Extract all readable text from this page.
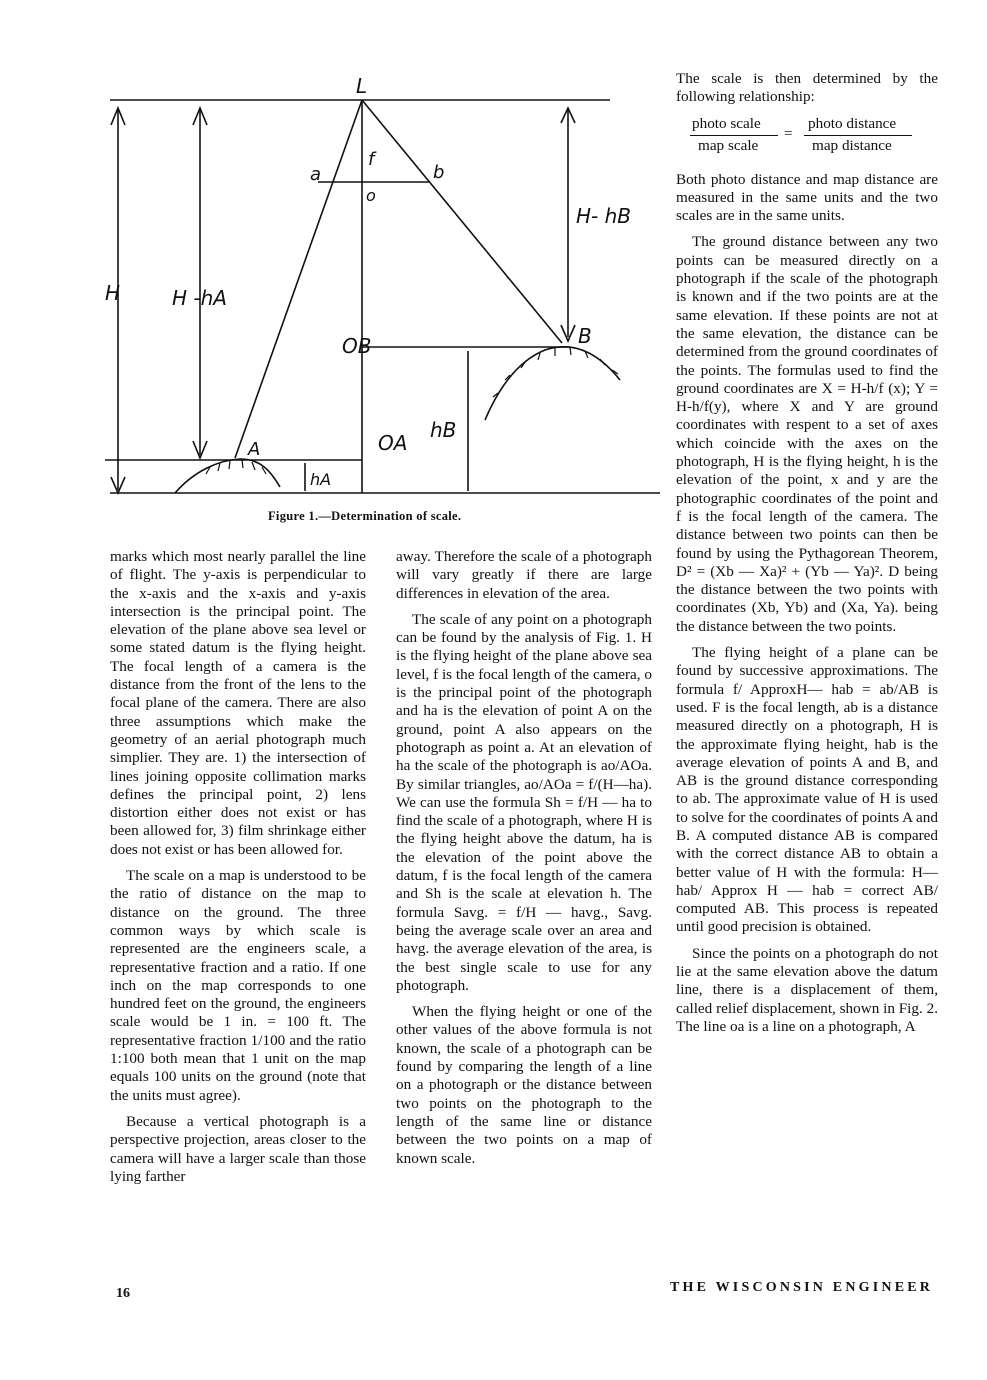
L
f
a
o
b
H	H -hA
H- hB
OB
OA
A
B
hA
hB
Figure 1.—Determination of scale.

marks which most nearly parallel the line of flight. The y-axis is perpendicular to the x-axis and the x-axis and y-axis intersection is the principal point. The elevation of the plane above sea level or some stated datum is the flying height. The focal length of a camera is the distance from the front of the lens to the focal plane of the camera. There are also three assumptions which make the geometry of an aerial photograph much simplier. They are. 1) the intersection of lines joining opposite collimation marks defines the principal point, 2) lens distortion either does not exist or has been allowed for, 3) film shrinkage either does not exist or has been allowed for.

The scale on a map is understood to be the ratio of distance on the map to distance on the ground. The three common ways by which scale is represented are the engineers scale, a representative fraction and a ratio. If one inch on the map corresponds to one hundred feet on the ground, the engineers scale would be 1 in. = 100 ft. The representative fraction 1/100 and the ratio 1:100 both mean that 1 unit on the map equals 100 units on the ground (note that the units must agree).

Because a vertical photograph is a perspective projection, areas closer to the camera will have a larger scale than those lying farther

away. Therefore the scale of a photograph will vary greatly if there are large differences in elevation of the area.

The scale of any point on a photograph can be found by the analysis of Fig. 1. H is the flying height of the plane above sea level, f is the focal length of the camera, o is the principal point of the photograph and ha is the elevation of point A on the ground, point A also appears on the photograph as point a. At an elevation of ha the scale of the photograph is ao/AOa. By similar triangles, ao/AOa = f/(H—ha). We can use the formula Sh = f/H — ha to find the scale of a photograph, where H is the flying height above the datum, ha is the elevation of the point above the datum, f is the focal length of the camera and Sh is the scale at elevation h. The formula Savg. = f/H — havg., Savg. being the average scale over an area and havg. the average elevation of the area, is the best single scale to use for any photograph.

When the flying height or one of the other values of the above formula is not known, the scale of a photograph can be found by comparing the length of a line on a photograph or the distance between two points on the photograph to the length of the same line or distance between the two points on a map of known scale.

The scale is then determined by the following relationship:

photo scale
map scale
=
photo distance
map distance

Both photo distance and map distance are measured in the same units and the two scales are in the same units.

The ground distance between any two points can be measured directly on a photograph if the scale of the photograph is known and if the two points are at the same elevation. If these points are not at the same elevation, the distance can be determined from the ground coordinates of the points. The formulas used to find the ground coordinates are X = H-h/f (x); Y = H-h/f(y), where X and Y are ground coordinates with respent to a set of axes which coincide with the axes on the photograph, H is the flying height, h is the elevation of the point, x and y are the photographic coordinates of the point and f is the focal length of the camera. The distance between two points can then be found by using the Pythagorean Theorem, D² = (Xb — Xa)² + (Yb — Ya)². D being the distance between the two points with coordinates (Xb, Yb) and (Xa, Ya). being the distance between the two points.

The flying height of a plane can be found by successive approximations. The formula f/ ApproxH— hab = ab/AB is used. F is the focal length, ab is a distance measured directly on a photograph, H is the approximate flying height, hab is the average elevation of points A and B, and AB is the ground distance corresponding to ab. The approximate value of H is used to solve for the coordinates of points A and B. A computed distance AB is compared with the correct distance AB to obtain a better value of H with the formula: H—hab/ Approx H — hab = correct AB/ computed AB. This process is repeated until good precision is obtained.

Since the points on a photograph do not lie at the same elevation above the datum line, there is a displacement of them, called relief displacement, shown in Fig. 2. The line oa is a line on a photograph, A

16	THE WISCONSIN ENGINEER
